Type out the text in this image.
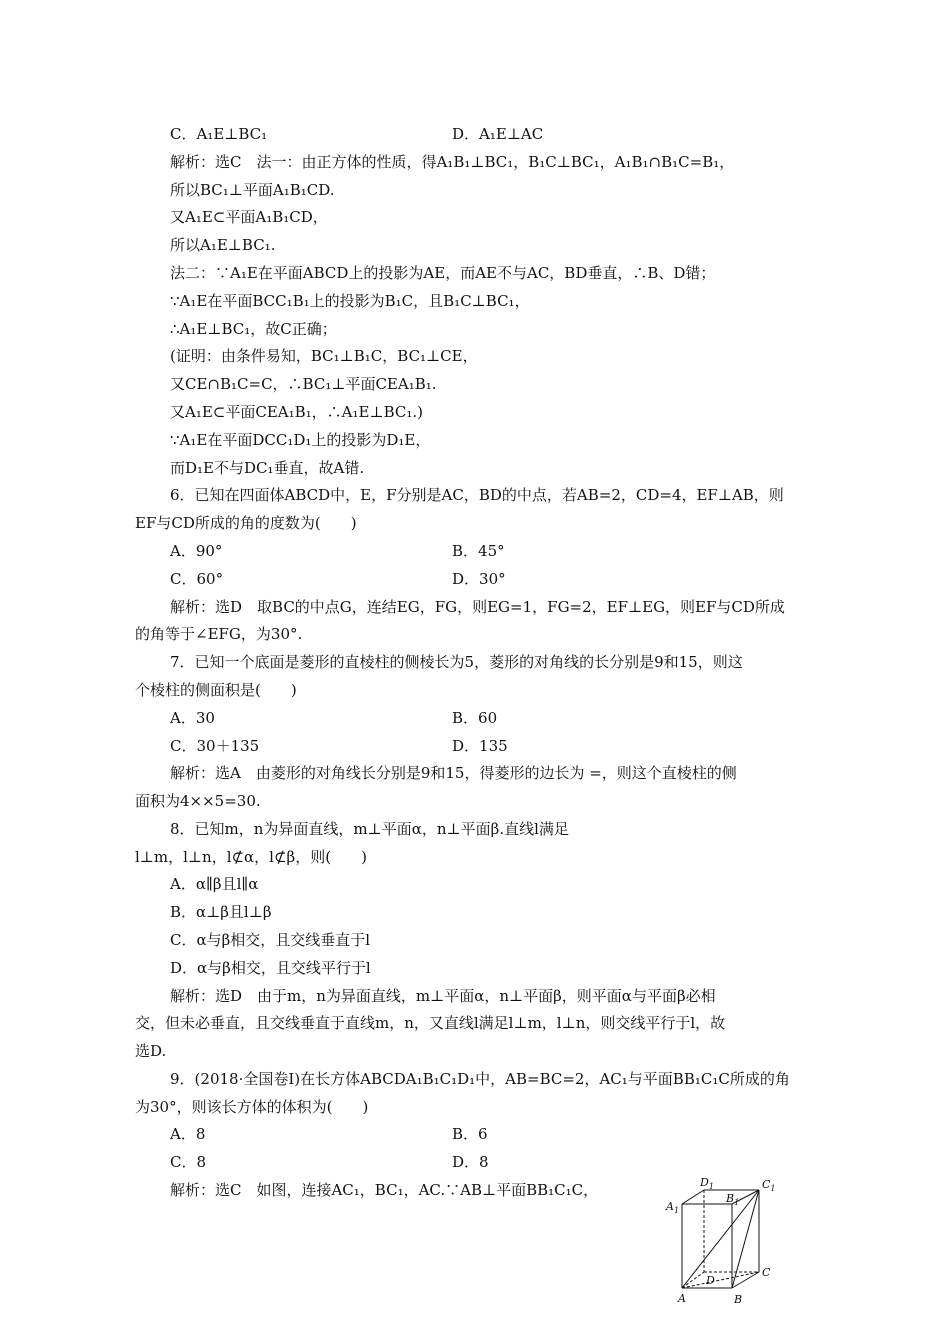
C．A₁E⊥BC₁	D．A₁E⊥AC
解析：选C　法一：由正方体的性质，得A₁B₁⊥BC₁，B₁C⊥BC₁，A₁B₁∩B₁C=B₁，
所以BC₁⊥平面A₁B₁CD.
又A₁E⊂平面A₁B₁CD，
所以A₁E⊥BC₁.
法二：∵A₁E在平面ABCD上的投影为AE，而AE不与AC，BD垂直，∴B、D错；
∵A₁E在平面BCC₁B₁上的投影为B₁C，且B₁C⊥BC₁，
∴A₁E⊥BC₁，故C正确；
(证明：由条件易知，BC₁⊥B₁C，BC₁⊥CE，
又CE∩B₁C=C，∴BC₁⊥平面CEA₁B₁.
又A₁E⊂平面CEA₁B₁，∴A₁E⊥BC₁.)
∵A₁E在平面DCC₁D₁上的投影为D₁E，
而D₁E不与DC₁垂直，故A错.
6．已知在四面体ABCD中，E，F分别是AC，BD的中点，若AB=2，CD=4，EF⊥AB，则
EF与CD所成的角的度数为(　　)
A．90°	B．45°
C．60°	D．30°
解析：选D　取BC的中点G，连结EG，FG，则EG=1，FG=2，EF⊥EG，则EF与CD所成
的角等于∠EFG，为30°.
7．已知一个底面是菱形的直棱柱的侧棱长为5，菱形的对角线的长分别是9和15，则这
个棱柱的侧面积是(　　)
A．30	B．60
C．30＋135	D．135
解析：选A　由菱形的对角线长分别是9和15，得菱形的边长为 =，则这个直棱柱的侧
面积为4××5=30.
8．已知m，n为异面直线，m⊥平面α，n⊥平面β.直线l满足
l⊥m，l⊥n，l⊄α，l⊄β，则(　　)
A．α∥β且l∥α
B．α⊥β且l⊥β
C．α与β相交，且交线垂直于l
D．α与β相交，且交线平行于l
解析：选D　由于m，n为异面直线，m⊥平面α，n⊥平面β，则平面α与平面β必相
交，但未必垂直，且交线垂直于直线m，n，又直线l满足l⊥m，l⊥n，则交线平行于l，故
选D.
9．(2018·全国卷Ⅰ)在长方体ABCDA₁B₁C₁D₁中，AB=BC=2，AC₁与平面BB₁C₁C所成的角
为30°，则该长方体的体积为(　　)
A．8	B．6
C．8	D．8
解析：选C　如图，连接AC₁，BC₁，AC.∵AB⊥平面BB₁C₁C，	$D_1$	$C_1$
$A_1$
$B_1$
D
C
A	B
